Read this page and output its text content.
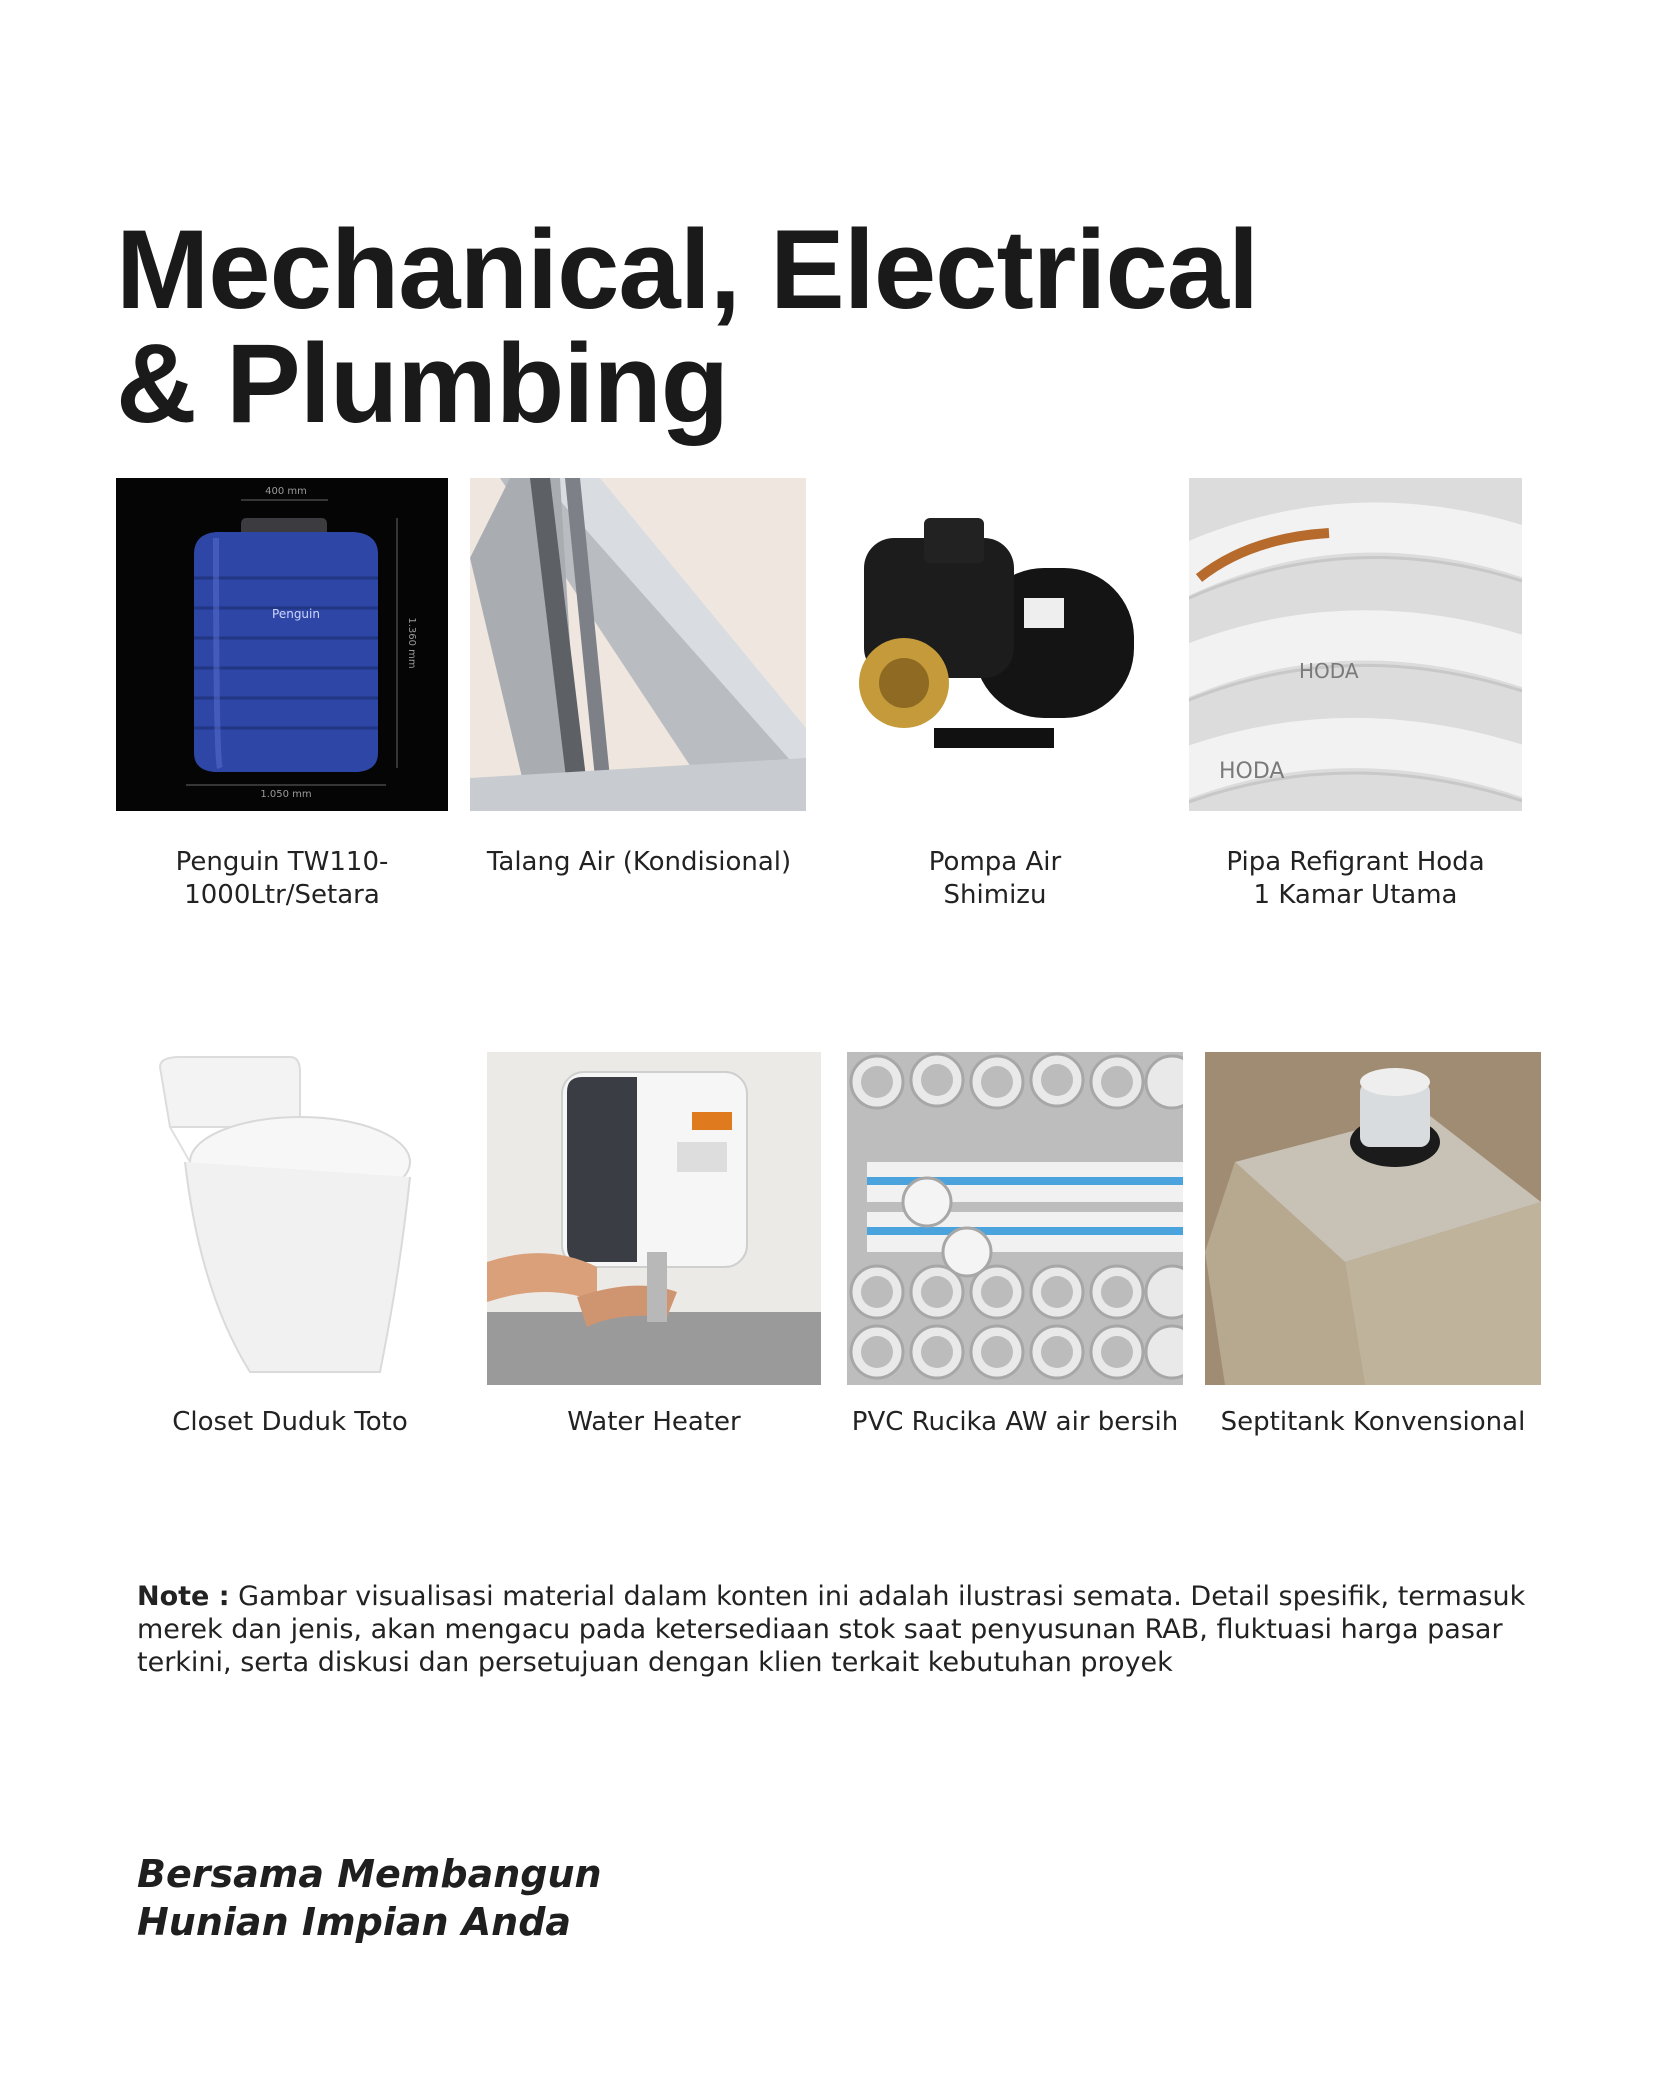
Mechanical, Electrical
& Plumbing
400 mm
1.050 mm
1.360 mm
Penguin
Penguin TW110-
1000Ltr/Setara
Talang Air (Kondisional)	Pompa Air
Shimizu
HODA
HODA
Pipa Refigrant Hoda
1 Kamar Utama
Closet Duduk Toto	Water Heater	PVC Rucika AW air bersih	Septitank Konvensional
Note : Gambar visualisasi material dalam konten ini adalah ilustrasi semata. Detail spesifik, termasuk merek dan jenis, akan mengacu pada ketersediaan stok saat penyusunan RAB, fluktuasi harga pasar terkini, serta diskusi dan persetujuan dengan klien terkait kebutuhan proyek
Bersama Membangun
Hunian Impian Anda
